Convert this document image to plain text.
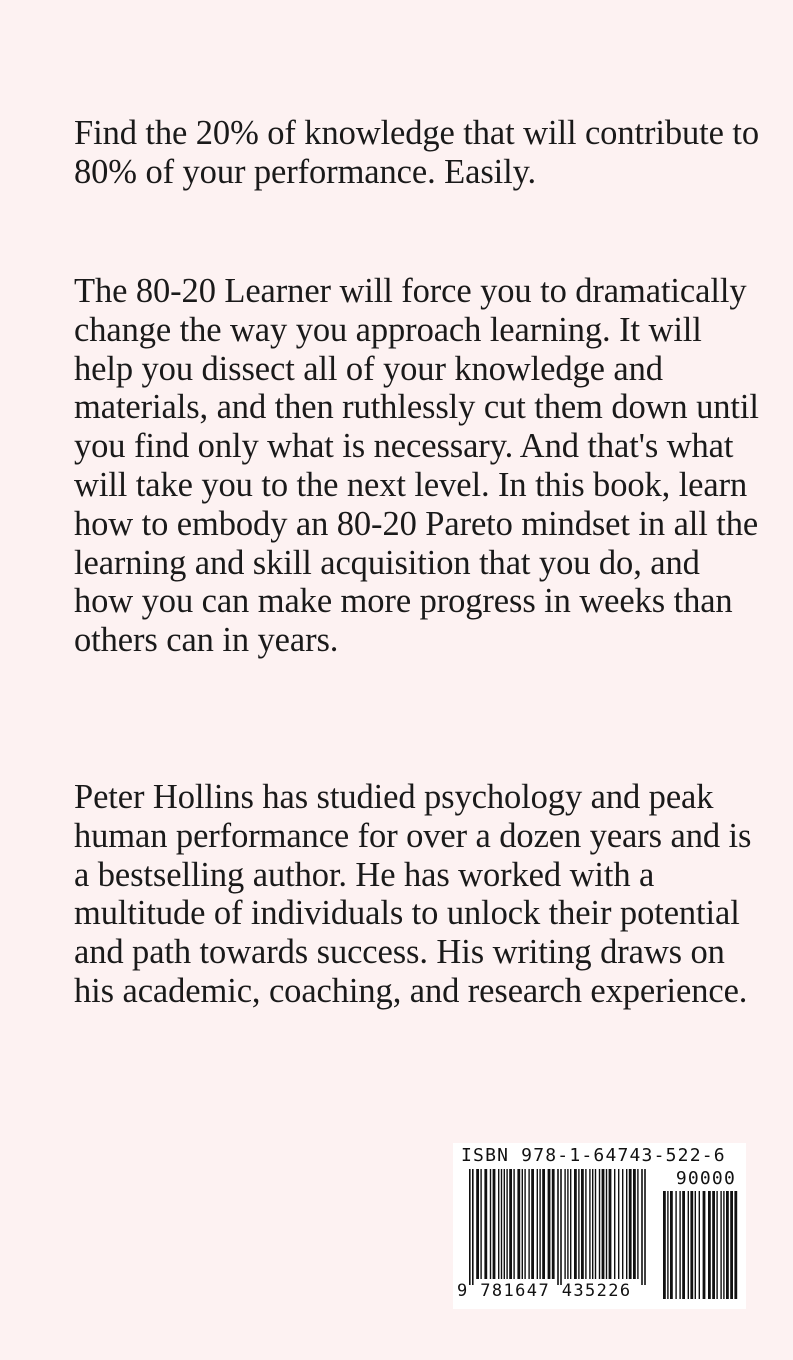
Find the 20% of knowledge that will contribute to 80% of your performance. Easily.

The 80-20 Learner will force you to dramatically change the way you approach learning. It will help you dissect all of your knowledge and materials, and then ruthlessly cut them down until you find only what is necessary. And that's what will take you to the next level. In this book, learn how to embody an 80-20 Pareto mindset in all the learning and skill acquisition that you do, and how you can make more progress in weeks than others can in years.

Peter Hollins has studied psychology and peak human performance for over a dozen years and is a bestselling author. He has worked with a multitude of individuals to unlock their potential and path towards success. His writing draws on his academic, coaching, and research experience.

ISBN 978-1-64743-522-6
90000
9 781647 435226
